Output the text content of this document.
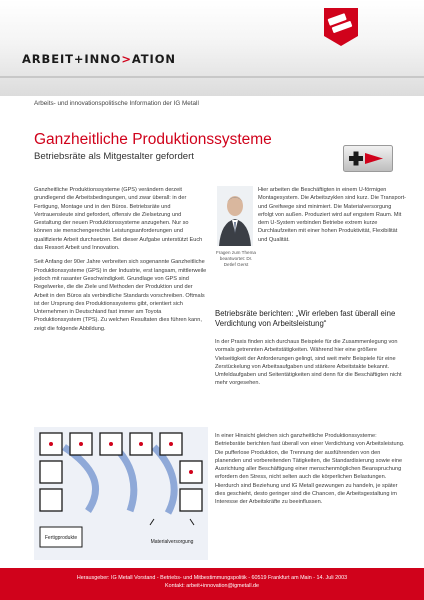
ARBEIT+INNO>ATION
Arbeits- und innovationspolitische Information der IG Metall
Ganzheitliche Produktionssysteme
Betriebsräte als Mitgestalter gefordert

Ganzheitliche Produktionssysteme (GPS) verändern derzeit grundlegend die Arbeitsbedingungen, und zwar überall: in der Fertigung, Montage und in den Büros. Betriebsräte und Vertrauensleute sind gefordert, offensiv die Zielsetzung und Gestaltung der neuen Produktionssysteme anzugehen. Nur so können sie menschengerechte Leistungsanforderungen und qualifizierte Arbeit durchsetzen. Bei dieser Aufgabe unterstützt Euch das Ressort Arbeit und Innovation.

Seit Anfang der 90er Jahre verbreiten sich sogenannte Ganzheitliche Produktionssysteme (GPS) in der Industrie, erst langsam, mittlerweile jedoch mit rasanter Geschwindigkeit. Grundlage von GPS sind Regelwerke, die die Ziele und Methoden der Produktion und der Arbeit in den Büros als verbindliche Standards vorschreiben. Oftmals ist der Ursprung des Produktionssystems gibt, orientiert sich Unternehmen in Deutschland fast immer am Toyota Produktionssystem (TPS). Zu welchen Resultaten dies führen kann, zeigt die folgende Abbildung.

Fragen zum Thema beantwortet: Dr. Detlef Gerst

Hier arbeiten die Beschäftigten in einem U-förmigen Montagesystem. Die Arbeitszyklen sind kurz. Die Transport- und Greifwege sind minimiert. Die Materialversorgung erfolgt von außen. Produziert wird auf engstem Raum. Mit dem U-System verbinden Betriebe extrem kurze Durchlaufzeiten mit einer hohen Produktivität, Flexibilität und Qualität.

Betriebsräte berichten: „Wir erleben fast überall eine Verdichtung von Arbeitsleistung“
In der Praxis finden sich durchaus Beispiele für die Zusammenlegung von vormals getrennten Arbeitstätigkeiten. Während hier eine größere Vielseitigkeit der Anforderungen gelingt, sind weit mehr Beispiele für eine Zerstückelung von Arbeitsaufgaben und stärkere Arbeitstakte bekannt. Umfeldaufgaben und Seitentätigkeiten sind denn für die Beschäftigten nicht mehr vorgesehen.
In einer Hinsicht gleichen sich ganzheitliche Produktionssysteme: Betriebsräte berichten fast überall von einer Verdichtung von Arbeitsleistung. Die pufferlose Produktion, die Trennung der ausführenden von den planenden und vorbereitenden Tätigkeiten, die Standardisierung sowie eine Ausrichtung aller Beschäftigung einer menschenmöglichen Beanspruchung erfordern den Stress, nicht selten auch die körperlichen Belastungen. Hierdurch sind Beziehung und IG Metall gezwungen zu handeln, je später dies geschieht, desto geringer sind die Chancen, die Arbeitsgestaltung im Interesse der Arbeitskräfte zu beeinflussen.
Fertigprodukte
Materialversorgung
Herausgeber: IG Metall Vorstand - Betriebs- und Mitbestimmungspolitik - 60519 Frankfurt am Main - 14. Juli 2003
Kontakt: arbeit+innovation@igmetall.de
